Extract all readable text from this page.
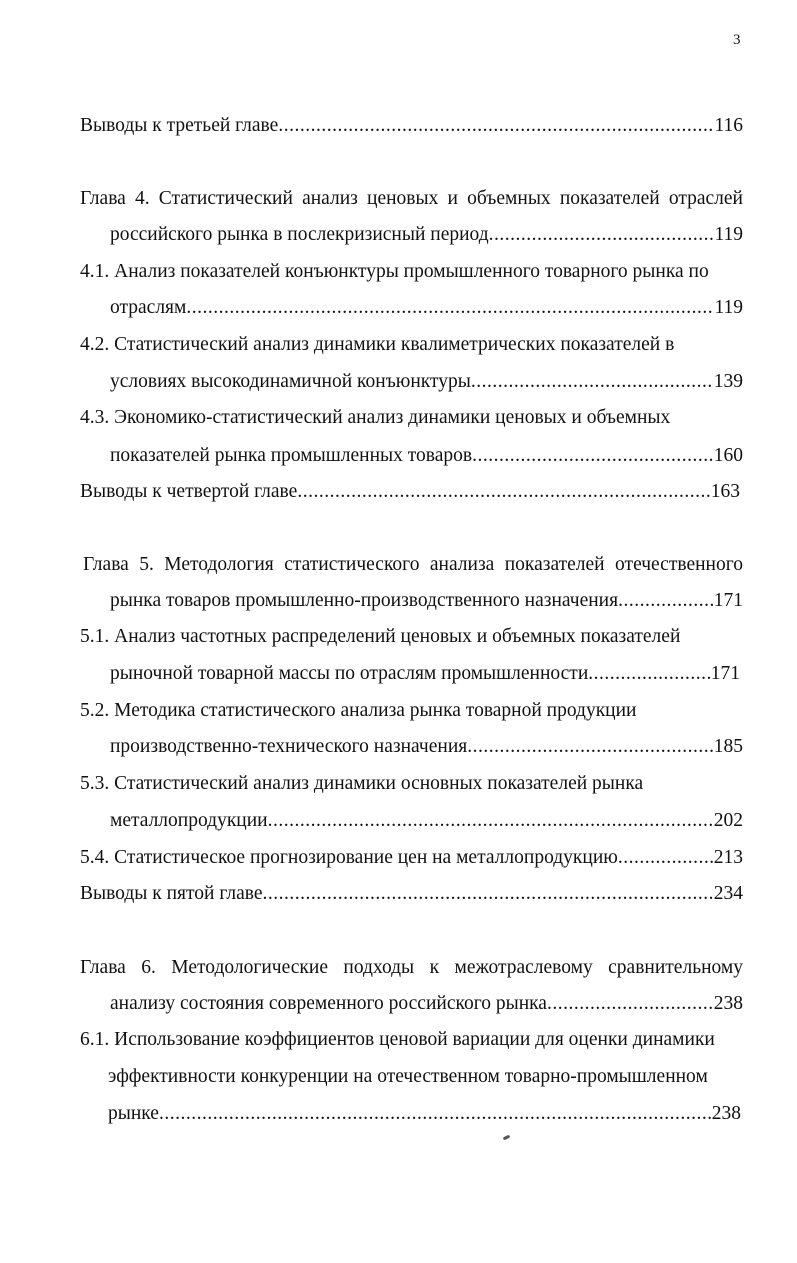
3
Выводы к третьей главе .....	116
Глава 4. Статистический анализ ценовых и объемных показателей отраслей
российского рынка в послекризисный период .....	119
4.1. Анализ показателей конъюнктуры промышленного товарного рынка по
отраслям .....	119
4.2. Статистический анализ динамики квалиметрических показателей в
условиях высокодинамичной конъюнктуры .....	139
4.3. Экономико-статистический анализ динамики ценовых и объемных
показателей рынка промышленных товаров .....	160
Выводы к четвертой главе .....	163
Глава 5. Методология статистического анализа показателей отечественного
рынка товаров промышленно-производственного назначения .....	171
5.1. Анализ частотных распределений ценовых и объемных показателей
рыночной товарной массы по отраслям промышленности .....	171
5.2. Методика статистического анализа рынка товарной продукции
производственно-технического назначения .....	185
5.3. Статистический анализ динамики основных показателей рынка
металлопродукции .....	202
5.4. Статистическое прогнозирование цен на металлопродукцию .....	213
Выводы к пятой главе .....	234
Глава 6. Методологические подходы к межотраслевому сравнительному
анализу состояния современного российского рынка .....	238
6.1. Использование коэффициентов ценовой вариации для оценки динамики
эффективности конкуренции на отечественном товарно-промышленном
рынке .....	238
